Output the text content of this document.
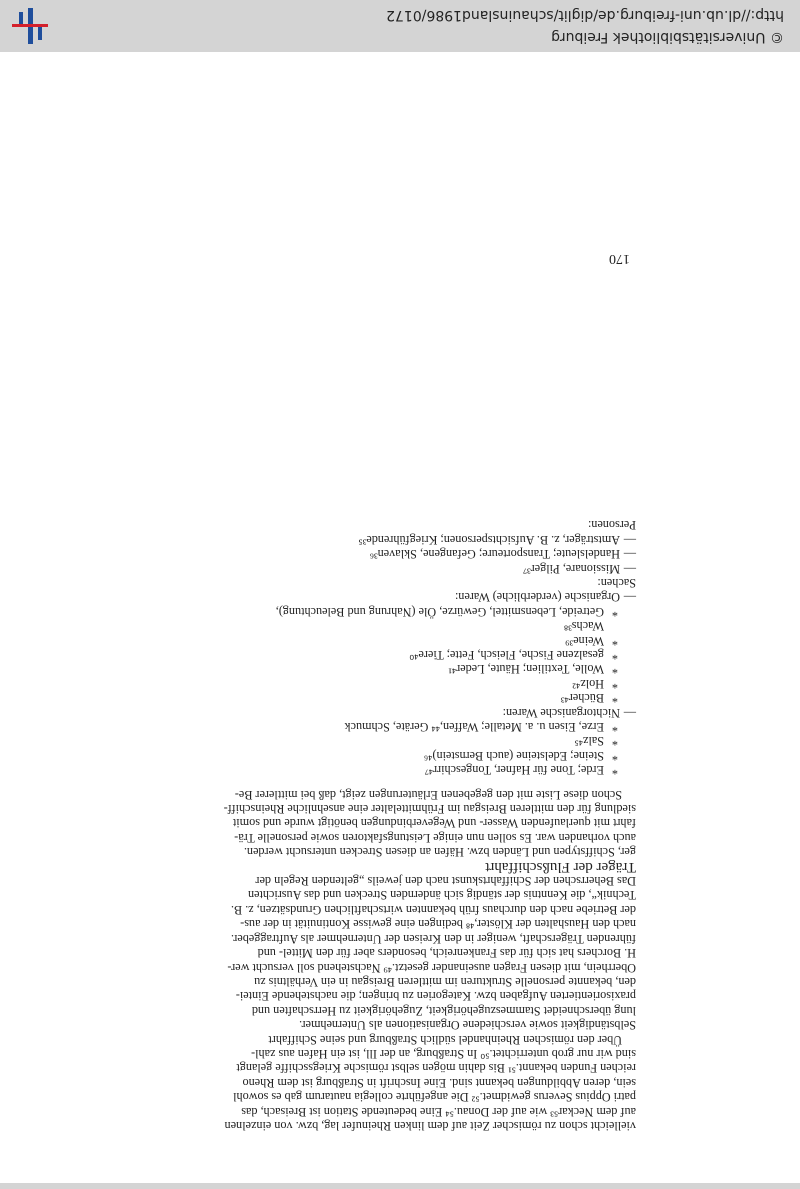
170

vielleicht schon zu römischer Zeit auf dem linken Rheinufer lag, bzw. von einzelnen

auf dem Neckar⁵³ wie auf der Donau.⁵⁴ Eine bedeutende Station ist Breisach, das

patri Oppius Severus gewidmet.⁵² Die angeführte collegia nautarum gab es sowohl

sein, deren Abbildungen bekannt sind. Eine Inschrift in Straßburg ist dem Rheno

reichen Funden bekannt.⁵¹ Bis dahin mögen selbst römische Kriegsschiffe gelangt

sind wir nur grob unterrichtet.⁵⁰ In Straßburg, an der Ill, ist ein Hafen aus zahl-

Über den römischen Rheinhandel südlich Straßburg und seine Schiffahrt

Selbständigkeit sowie verschiedene Organisationen als Unternehmer.

lung überschneidet Stammeszugehörigkeit, Zugehörigkeit zu Herrschaften und

praxisorientierten Aufgaben bzw. Kategorien zu bringen; die nachstehende Eintei-

den, bekannte personelle Strukturen im mittleren Breisgau in ein Verhältnis zu

Oberrhein, mit diesen Fragen auseinander gesetzt.⁴⁹ Nachstehend soll versucht wer-

H. Borchers hat sich für das Frankenreich, besonders aber für den Mittel- und

führenden Trägerschaft, weniger in den Kreisen der Unternehmer als Auftraggeber.

nach den Haushalten der Klöster,⁴⁸ bedingen eine gewisse Kontinuität in der aus-

der Betriebe nach den durchaus früh bekannten wirtschaftlichen Grundsätzen, z. B.

Technik“, die Kenntnis der ständig sich ändernden Strecken und das Ausrichten

Das Beherrschen der Schiffahrtskunst nach den jeweils „geltenden Regeln der

Träger der Flußschiffahrt

ger, Schiffstypen und Länden bzw. Häfen an diesen Strecken untersucht werden.

auch vorhanden war. Es sollen nun einige Leistungsfaktoren sowie personelle Trä-

fahrt mit querlaufenden Wasser- und Wegeverbindungen benötigt wurde und somit

siedlung für den mittleren Breisgau im Frühmittelalter eine ansehnliche Rheinschiff-

Schon diese Liste mit den gegebenen Erläuterungen zeigt, daß bei mittlerer Be-

*
Erde; Tone für Hafner, Tongeschirr⁴⁷

*
Steine; Edelsteine (auch Bernstein)⁴⁶

*
Salz⁴⁵

*
Erze, Eisen u. a. Metalle; Waffen,⁴⁴ Geräte, Schmuck

—
Nichtorganische Waren:

*
Bücher⁴³

*
Holz⁴²

*
Wolle, Textilien; Häute, Leder⁴¹

*
gesalzene Fische, Fleisch, Fette; Tiere⁴⁰

*
Weine³⁹

Wachs³⁸

*
Getreide, Lebensmittel, Gewürze, Öle (Nahrung und Beleuchtung),

—
Organische (verderbliche) Waren:

Sachen:

—
Missionare, Pilger³⁷

—
Handelsleute; Transporteure; Gefangene, Sklaven³⁶

—
Amtsträger, z. B. Aufsichtspersonen; Kriegführende³⁵

Personen:

© Universitätsbibliothek Freiburg
http://dl.ub.uni-freiburg.de/diglit/schauinsland1986/0172
